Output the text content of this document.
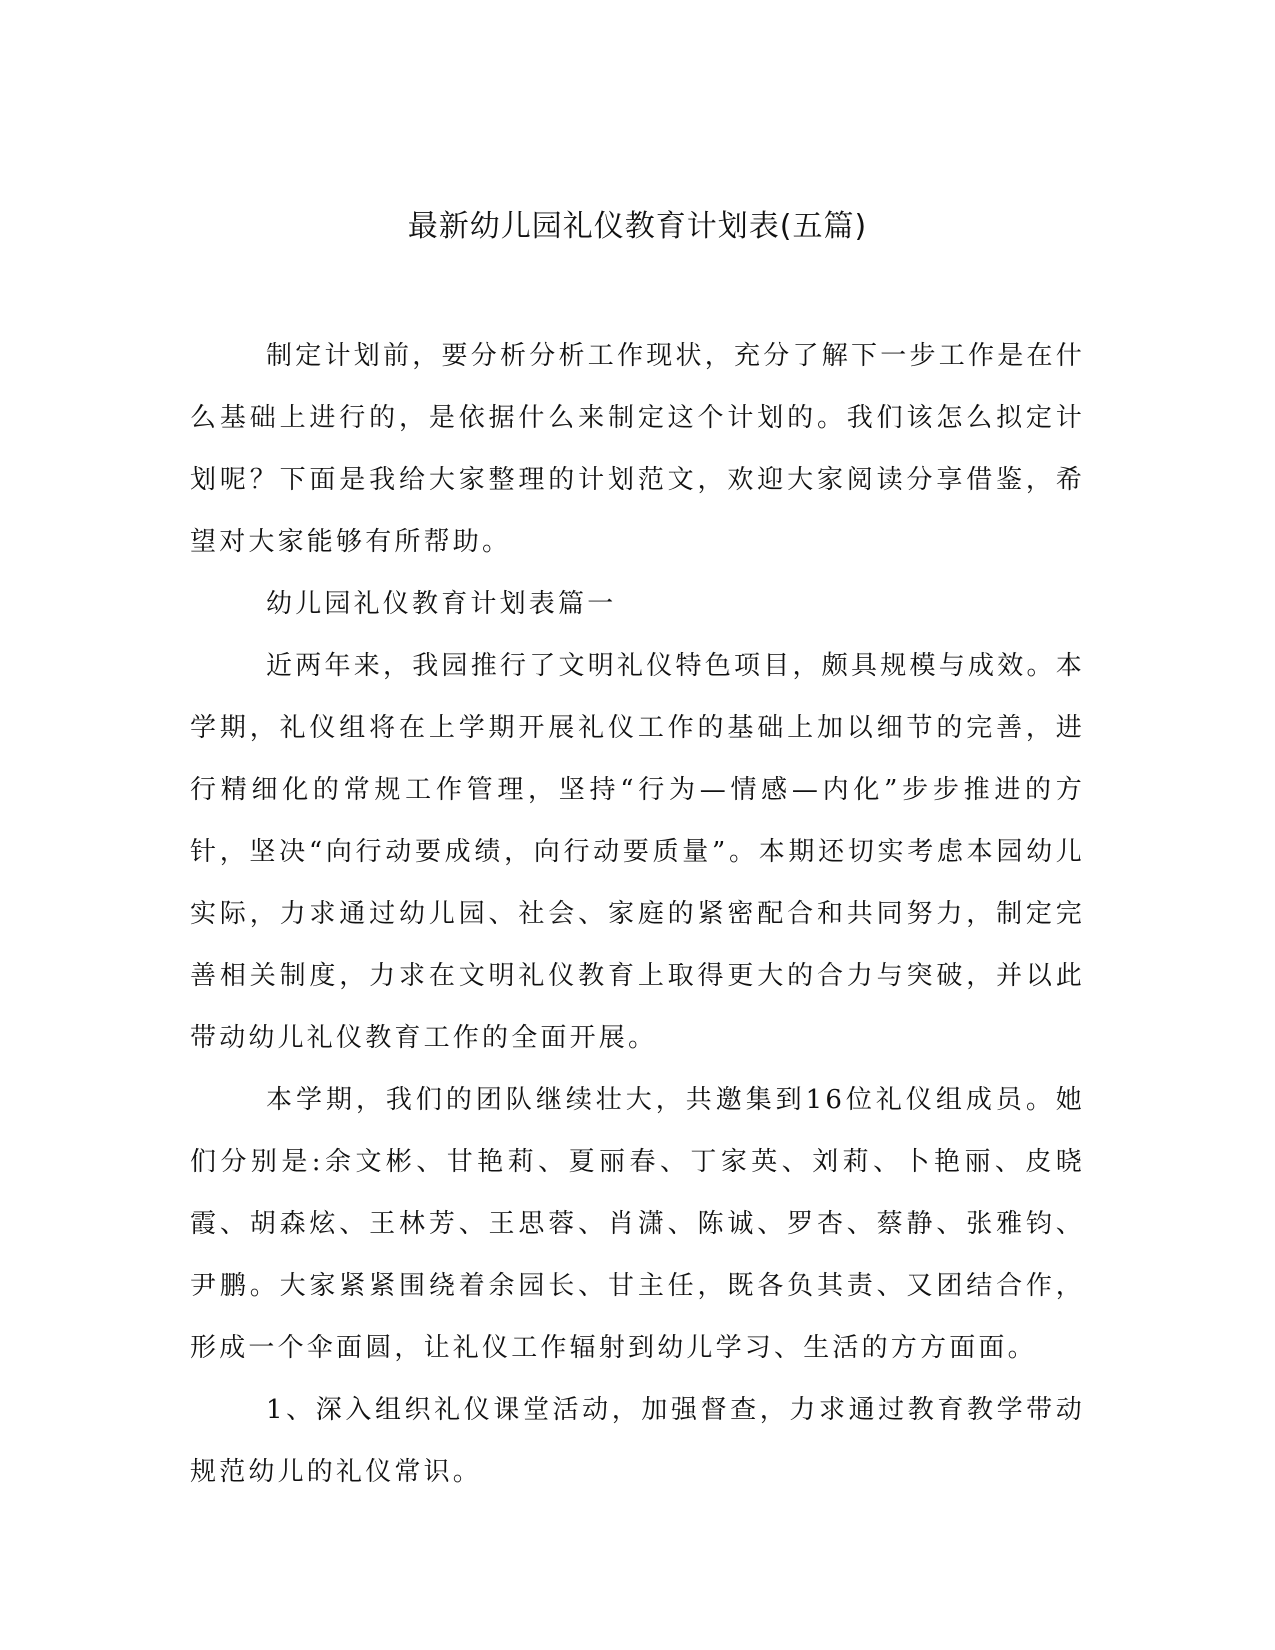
最新幼儿园礼仪教育计划表(五篇)

制定计划前，要分析分析工作现状，充分了解下一步工作是在什么基础上进行的，是依据什么来制定这个计划的。我们该怎么拟定计划呢？下面是我给大家整理的计划范文，欢迎大家阅读分享借鉴，希望对大家能够有所帮助。

幼儿园礼仪教育计划表篇一

近两年来，我园推行了文明礼仪特色项目，颇具规模与成效。本学期，礼仪组将在上学期开展礼仪工作的基础上加以细节的完善，进行精细化的常规工作管理，坚持“行为—情感—内化”步步推进的方针，坚决“向行动要成绩，向行动要质量”。本期还切实考虑本园幼儿实际，力求通过幼儿园、社会、家庭的紧密配合和共同努力，制定完善相关制度，力求在文明礼仪教育上取得更大的合力与突破，并以此带动幼儿礼仪教育工作的全面开展。

本学期，我们的团队继续壮大，共邀集到16位礼仪组成员。她们分别是:余文彬、甘艳莉、夏丽春、丁家英、刘莉、卜艳丽、皮晓霞、胡森炫、王林芳、王思蓉、肖潇、陈诚、罗杏、蔡静、张雅钧、尹鹏。大家紧紧围绕着余园长、甘主任，既各负其责、又团结合作，形成一个伞面圆，让礼仪工作辐射到幼儿学习、生活的方方面面。

1、深入组织礼仪课堂活动，加强督查，力求通过教育教学带动规范幼儿的礼仪常识。
